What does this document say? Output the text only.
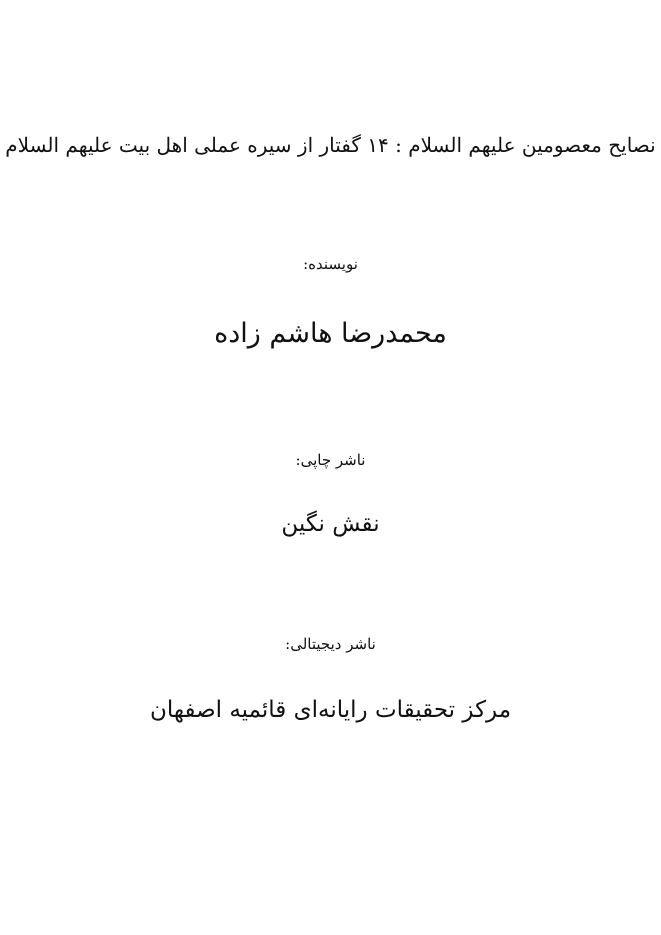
نصایح معصومین علیهم السلام : ۱۴ گفتار از سیره عملی اهل بیت علیهم السلام
نویسنده:
محمدرضا هاشم زاده
ناشر چاپی:
نقش نگین
ناشر دیجیتالی:
مرکز تحقیقات رایانه‌ای قائمیه اصفهان
